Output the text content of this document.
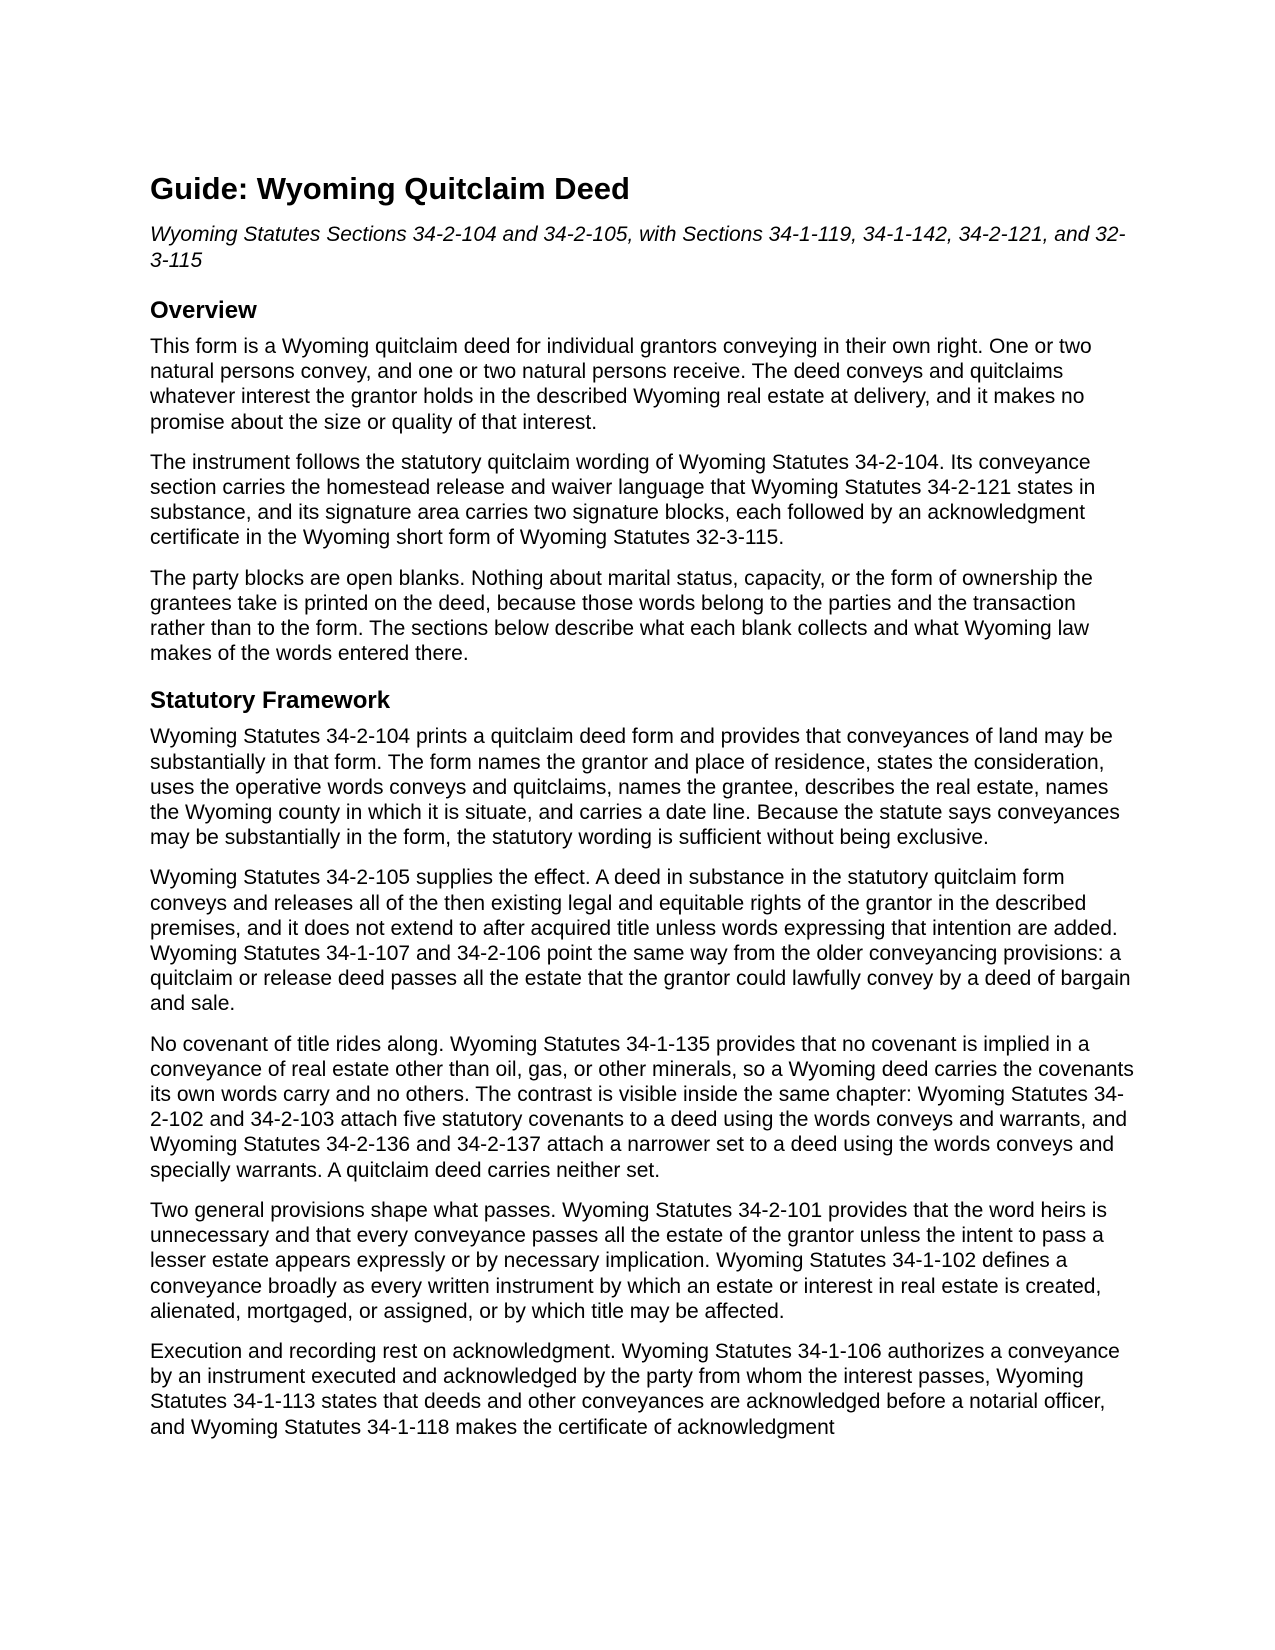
Guide: Wyoming Quitclaim Deed
Wyoming Statutes Sections 34-2-104 and 34-2-105, with Sections 34-1-119, 34-1-142, 34-2-121, and 32-3-115
Overview

This form is a Wyoming quitclaim deed for individual grantors conveying in their own right. One or two natural persons convey, and one or two natural persons receive. The deed conveys and quitclaims whatever interest the grantor holds in the described Wyoming real estate at delivery, and it makes no promise about the size or quality of that interest.

The instrument follows the statutory quitclaim wording of Wyoming Statutes 34-2-104. Its conveyance section carries the homestead release and waiver language that Wyoming Statutes 34-2-121 states in substance, and its signature area carries two signature blocks, each followed by an acknowledgment certificate in the Wyoming short form of Wyoming Statutes 32-3-115.

The party blocks are open blanks. Nothing about marital status, capacity, or the form of ownership the grantees take is printed on the deed, because those words belong to the parties and the transaction rather than to the form. The sections below describe what each blank collects and what Wyoming law makes of the words entered there.

Statutory Framework

Wyoming Statutes 34-2-104 prints a quitclaim deed form and provides that conveyances of land may be substantially in that form. The form names the grantor and place of residence, states the consideration, uses the operative words conveys and quitclaims, names the grantee, describes the real estate, names the Wyoming county in which it is situate, and carries a date line. Because the statute says conveyances may be substantially in the form, the statutory wording is sufficient without being exclusive.

Wyoming Statutes 34-2-105 supplies the effect. A deed in substance in the statutory quitclaim form conveys and releases all of the then existing legal and equitable rights of the grantor in the described premises, and it does not extend to after acquired title unless words expressing that intention are added. Wyoming Statutes 34-1-107 and 34-2-106 point the same way from the older conveyancing provisions: a quitclaim or release deed passes all the estate that the grantor could lawfully convey by a deed of bargain and sale.

No covenant of title rides along. Wyoming Statutes 34-1-135 provides that no covenant is implied in a conveyance of real estate other than oil, gas, or other minerals, so a Wyoming deed carries the covenants its own words carry and no others. The contrast is visible inside the same chapter: Wyoming Statutes 34-2-102 and 34-2-103 attach five statutory covenants to a deed using the words conveys and warrants, and Wyoming Statutes 34-2-136 and 34-2-137 attach a narrower set to a deed using the words conveys and specially warrants. A quitclaim deed carries neither set.

Two general provisions shape what passes. Wyoming Statutes 34-2-101 provides that the word heirs is unnecessary and that every conveyance passes all the estate of the grantor unless the intent to pass a lesser estate appears expressly or by necessary implication. Wyoming Statutes 34-1-102 defines a conveyance broadly as every written instrument by which an estate or interest in real estate is created, alienated, mortgaged, or assigned, or by which title may be affected.

Execution and recording rest on acknowledgment. Wyoming Statutes 34-1-106 authorizes a conveyance by an instrument executed and acknowledged by the party from whom the interest passes, Wyoming Statutes 34-1-113 states that deeds and other conveyances are acknowledged before a notarial officer, and Wyoming Statutes 34-1-118 makes the certificate of acknowledgment
